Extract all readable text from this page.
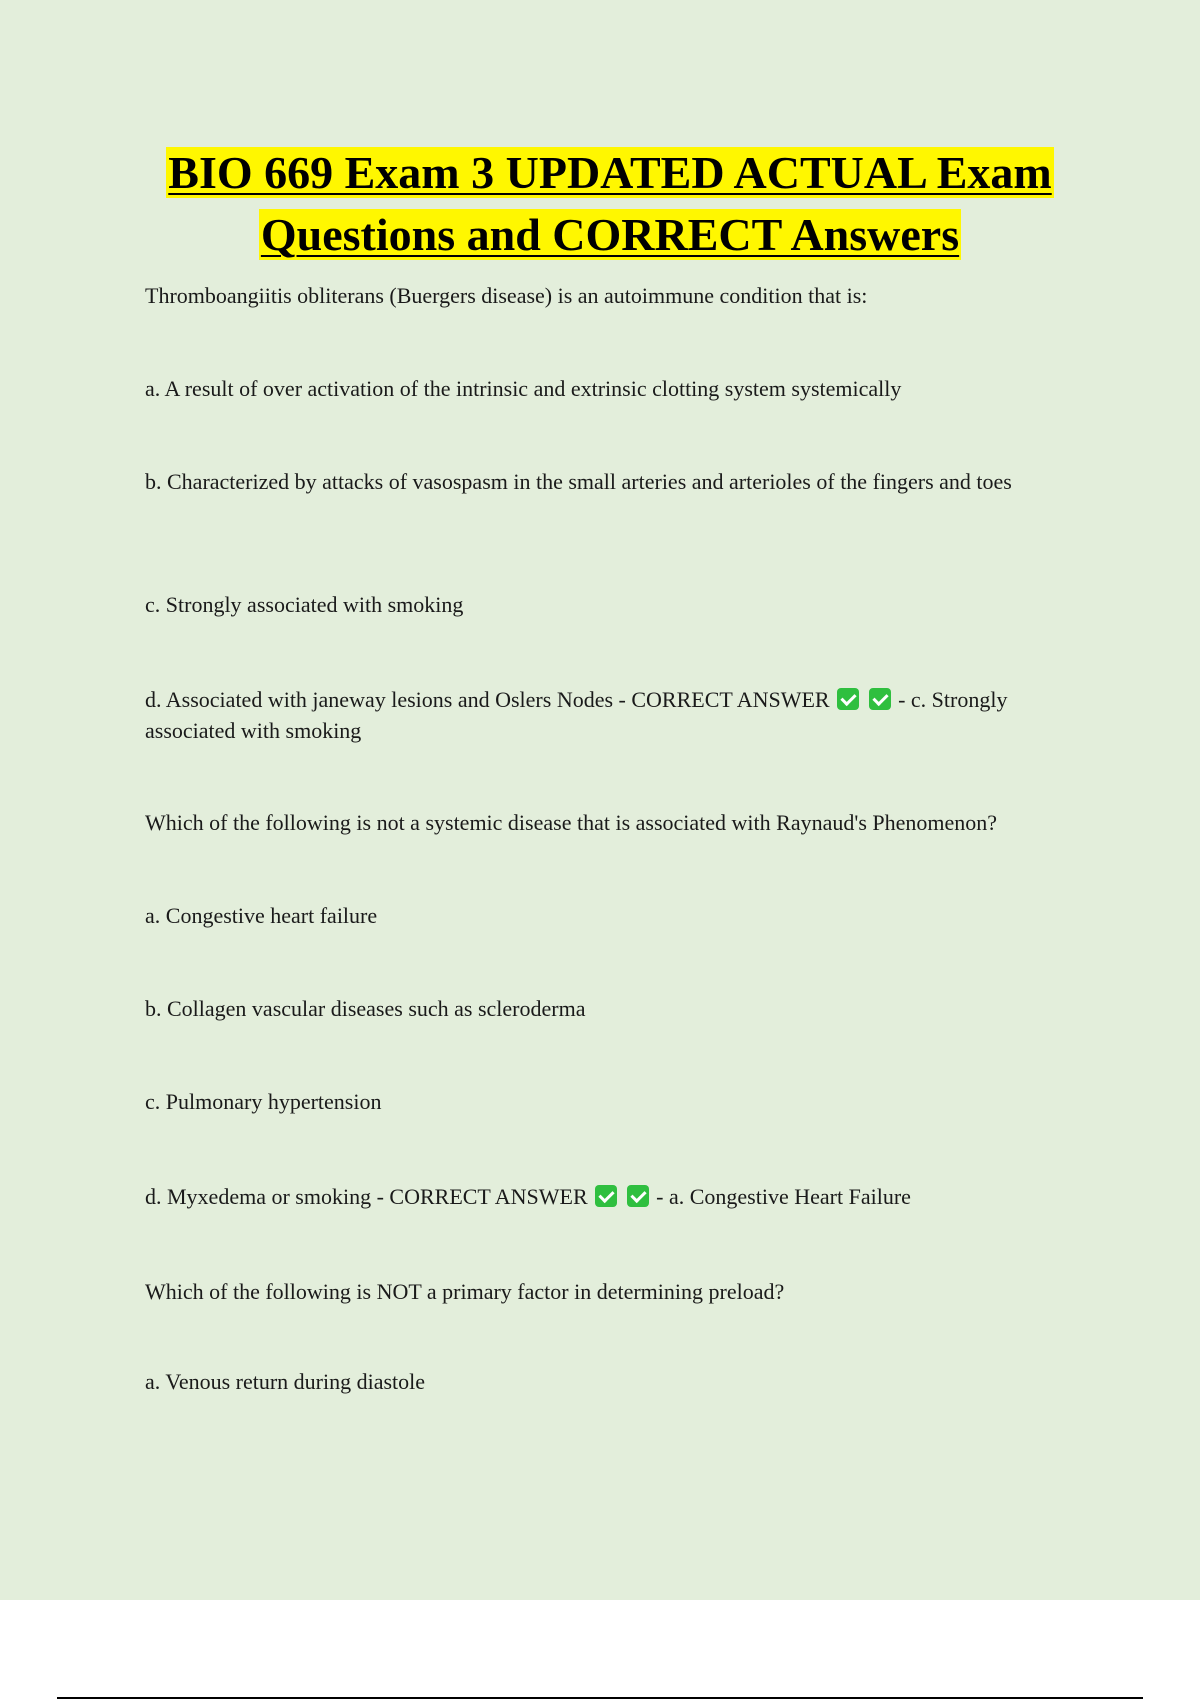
BIO 669 Exam 3 UPDATED ACTUAL Exam
Questions and CORRECT Answers

Thromboangiitis obliterans (Buergers disease) is an autoimmune condition that is:

a. A result of over activation of the intrinsic and extrinsic clotting system systemically

b. Characterized by attacks of vasospasm in the small arteries and arterioles of the fingers and toes

c. Strongly associated with smoking

d. Associated with janeway lesions and Oslers Nodes - CORRECT ANSWER	- c. Strongly associated with smoking

Which of the following is not a systemic disease that is associated with Raynaud's Phenomenon?

a. Congestive heart failure

b. Collagen vascular diseases such as scleroderma

c. Pulmonary hypertension

d. Myxedema or smoking - CORRECT ANSWER	- a. Congestive Heart Failure

Which of the following is NOT a primary factor in determining preload?

a. Venous return during diastole
